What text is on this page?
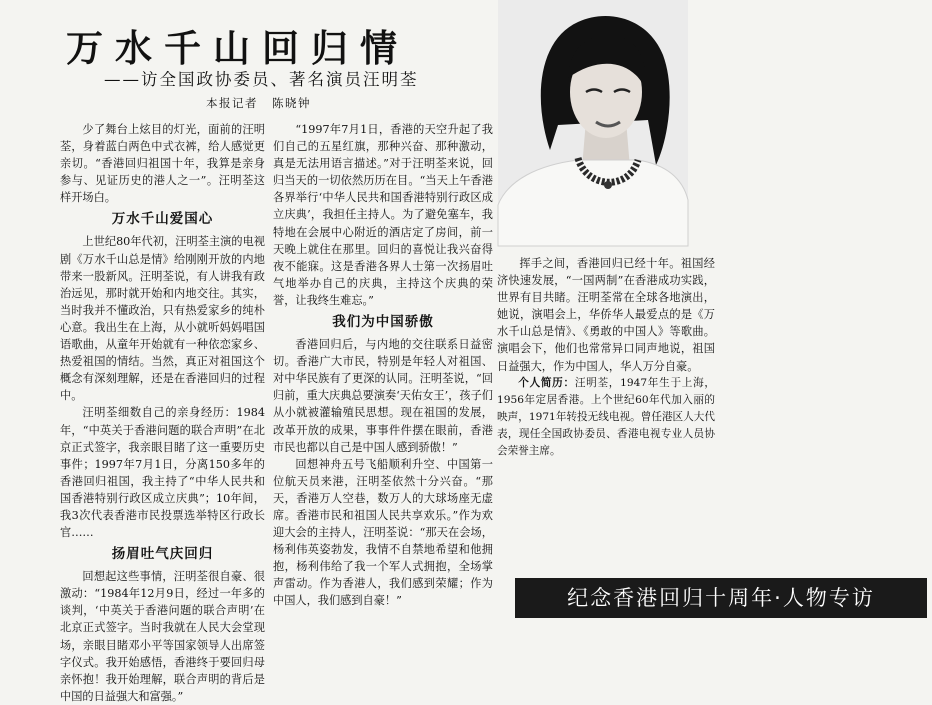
万水千山回归情
——访全国政协委员、著名演员汪明荃
本报记者 陈晓钟

少了舞台上炫目的灯光，面前的汪明荃，身着蓝白两色中式衣裤，给人感觉更亲切。“香港回归祖国十年，我算是亲身参与、见证历史的港人之一”。汪明荃这样开场白。

万水千山爱国心

上世纪80年代初，汪明荃主演的电视剧《万水千山总是情》给刚刚开放的内地带来一股新风。汪明荃说，有人讲我有政治远见，那时就开始和内地交往。其实，当时我并不懂政治，只有热爱家乡的纯朴心意。我出生在上海，从小就听妈妈唱国语歌曲，从童年开始就有一种依恋家乡、热爱祖国的情结。当然，真正对祖国这个概念有深刻理解，还是在香港回归的过程中。

汪明荃细数自己的亲身经历：1984年，“中英关于香港问题的联合声明”在北京正式签字，我亲眼目睹了这一重要历史事件；1997年7月1日，分离150多年的香港回归祖国，我主持了“中华人民共和国香港特别行政区成立庆典”；10年间，我3次代表香港市民投票选举特区行政长官……

扬眉吐气庆回归

回想起这些事情，汪明荃很自豪、很激动：“1984年12月9日，经过一年多的谈判，‘中英关于香港问题的联合声明’在北京正式签字。当时我就在人民大会堂现场，亲眼目睹邓小平等国家领导人出席签字仪式。我开始感悟，香港终于要回归母亲怀抱！我开始理解，联合声明的背后是中国的日益强大和富强。”

“1997年7月1日，香港的天空升起了我们自己的五星红旗，那种兴奋、那种激动，真是无法用语言描述。”对于汪明荃来说，回归当天的一切依然历历在目。“当天上午香港各界举行‘中华人民共和国香港特别行政区成立庆典’，我担任主持人。为了避免塞车，我特地在会展中心附近的酒店定了房间，前一天晚上就住在那里。回归的喜悦让我兴奋得夜不能寐。这是香港各界人士第一次扬眉吐气地举办自己的庆典，主持这个庆典的荣誉，让我终生难忘。”

我们为中国骄傲

香港回归后，与内地的交往联系日益密切。香港广大市民，特别是年轻人对祖国、对中华民族有了更深的认同。汪明荃说，“回归前，重大庆典总要演奏‘天佑女王’，孩子们从小就被灌输殖民思想。现在祖国的发展，改革开放的成果，事事件件摆在眼前，香港市民也都以自己是中国人感到骄傲！”

回想神舟五号飞船顺利升空、中国第一位航天员来港，汪明荃依然十分兴奋。“那天，香港万人空巷，数万人的大球场座无虚席。香港市民和祖国人民共享欢乐。”作为欢迎大会的主持人，汪明荃说：“那天在会场，杨利伟英姿勃发，我情不自禁地希望和他拥抱，杨利伟给了我一个军人式拥抱，全场掌声雷动。作为香港人，我们感到荣耀；作为中国人，我们感到自豪！”

挥手之间，香港回归已经十年。祖国经济快速发展，“一国两制”在香港成功实践，世界有目共睹。汪明荃常在全球各地演出，她说，演唱会上，华侨华人最爱点的是《万水千山总是情》、《勇敢的中国人》等歌曲。演唱会下，他们也常常异口同声地说，祖国日益强大，作为中国人，华人万分自豪。

个人简历：汪明荃，1947年生于上海，1956年定居香港。上个世纪60年代加入丽的映声，1971年转投无线电视。曾任港区人大代表，现任全国政协委员、香港电视专业人员协会荣誉主席。

纪念香港回归十周年·人物专访
